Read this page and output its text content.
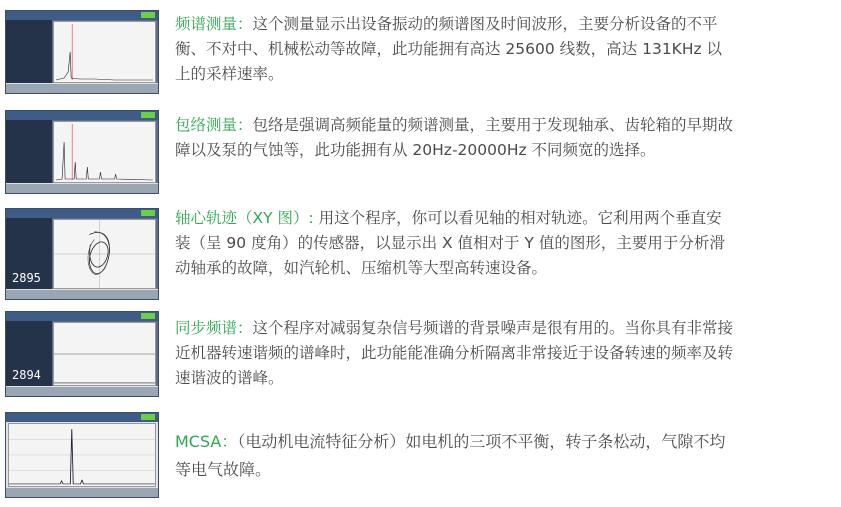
频谱测量：这个测量显示出设备振动的频谱图及时间波形，主要分析设备的不平衡、不对中、机械松动等故障，此功能拥有高达 25600 线数，高达 131KHz 以上的采样速率。

包络测量：包络是强调高频能量的频谱测量，主要用于发现轴承、齿轮箱的早期故障以及泵的气蚀等，此功能拥有从 20Hz-20000Hz 不同频宽的选择。

2895

轴心轨迹（XY 图）: 用这个程序，你可以看见轴的相对轨迹。它利用两个垂直安装（呈 90 度角）的传感器，以显示出 X 值相对于 Y 值的图形，主要用于分析滑动轴承的故障，如汽轮机、压缩机等大型高转速设备。

2894

同步频谱：这个程序对减弱复杂信号频谱的背景噪声是很有用的。当你具有非常接近机器转速谐频的谱峰时，此功能能准确分析隔离非常接近于设备转速的频率及转速谐波的谱峰。

MCSA：（电动机电流特征分析）如电机的三项不平衡，转子条松动，气隙不均等电气故障。
